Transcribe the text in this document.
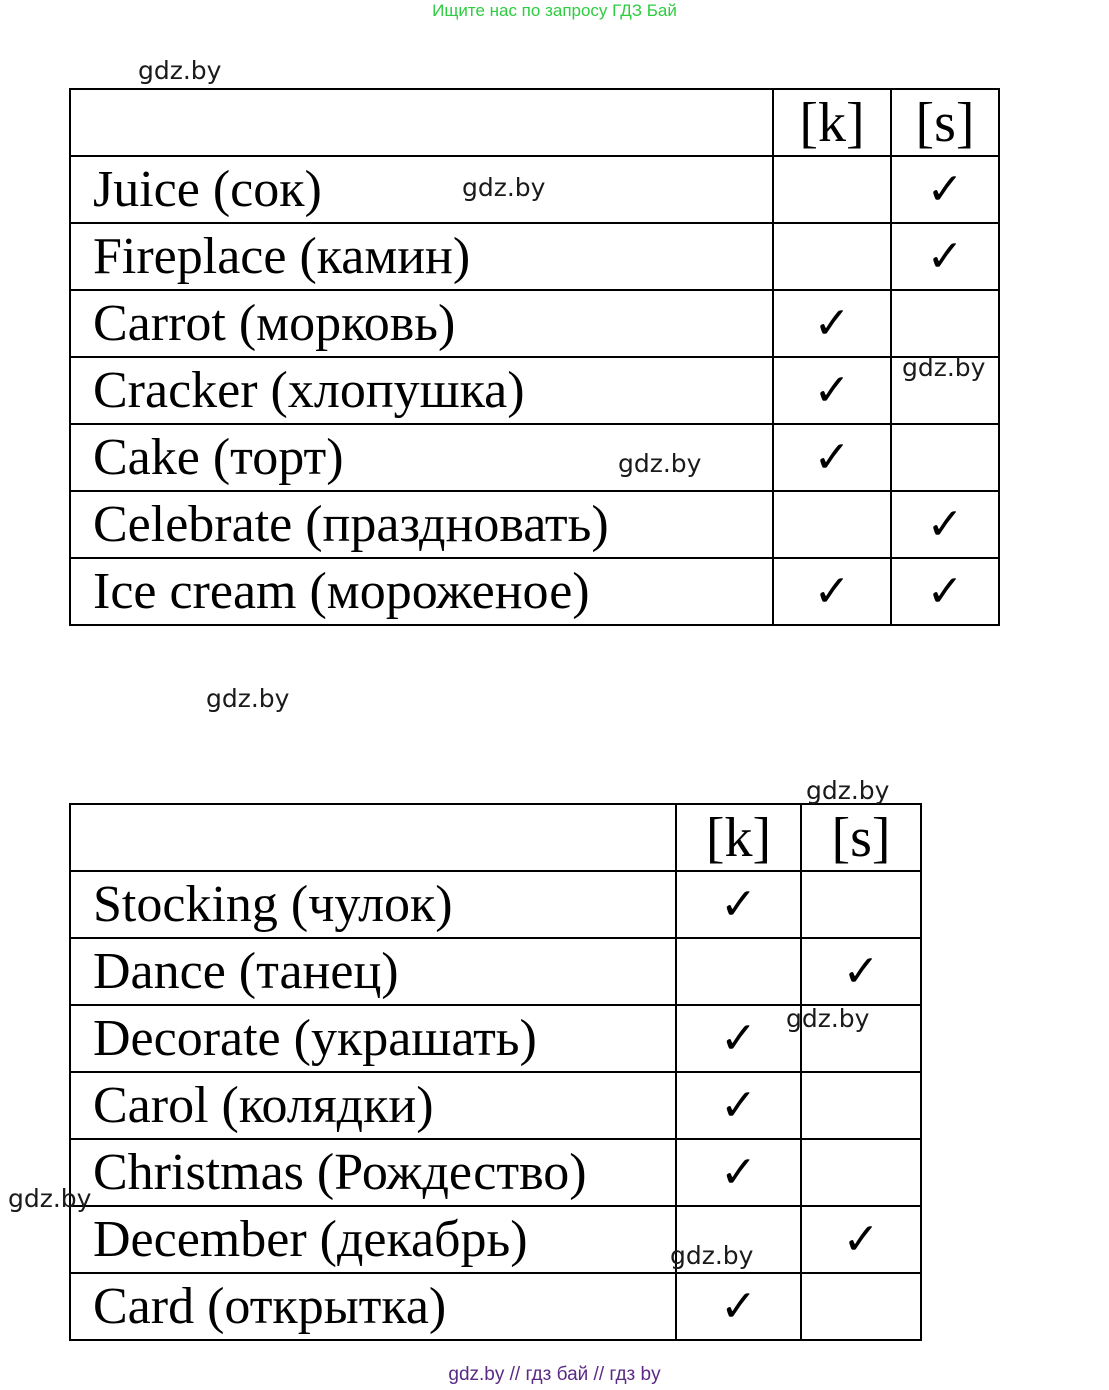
Ищите нас по запросу ГДЗ Бай
	[k]	[s]
Juice (сок)		✓
Fireplace (камин)		✓
Carrot (морковь)	✓	
Cracker (хлопушка)	✓	
Cake (торт)	✓	
Celebrate (праздновать)		✓
Ice cream (мороженое)	✓	✓
	[k]	[s]
Stocking (чулок)	✓	
Dance (танец)		✓
Decorate (украшать)	✓	
Carol (колядки)	✓	
Christmas (Рождество)	✓	
December (декабрь)		✓
Card (открытка)	✓	
gdz.by
gdz.by
gdz.by
gdz.by
gdz.by
gdz.by
gdz.by
gdz.by
gdz.by
gdz.by // гдз бай // гдз by
